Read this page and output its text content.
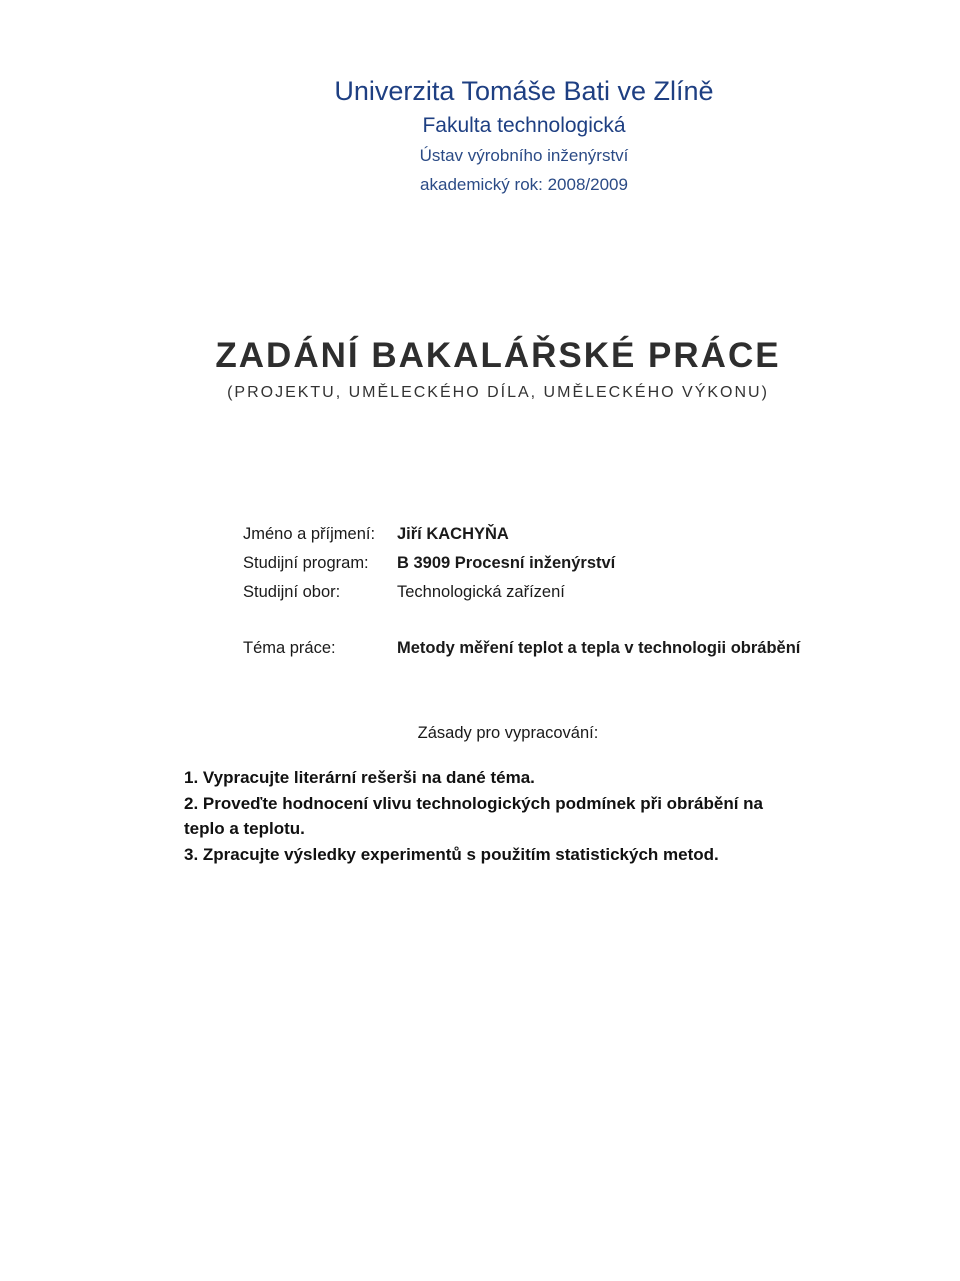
Univerzita Tomáše Bati ve Zlíně
Fakulta technologická
Ústav výrobního inženýrství
akademický rok: 2008/2009
ZADÁNÍ BAKALÁŘSKÉ PRÁCE
(PROJEKTU, UMĚLECKÉHO DÍLA, UMĚLECKÉHO VÝKONU)
Jméno a příjmení: Jiří KACHYŇA
Studijní program: B 3909 Procesní inženýrství
Studijní obor:	Technologická zařízení
Téma práce:	Metody měření teplot a tepla v technologii obrábění
Zásady pro vypracování:

1. Vypracujte literární rešerši na dané téma.

2. Proveďte hodnocení vlivu technologických podmínek při obrábění na teplo a teplotu.

3. Zpracujte výsledky experimentů s použitím statistických metod.
